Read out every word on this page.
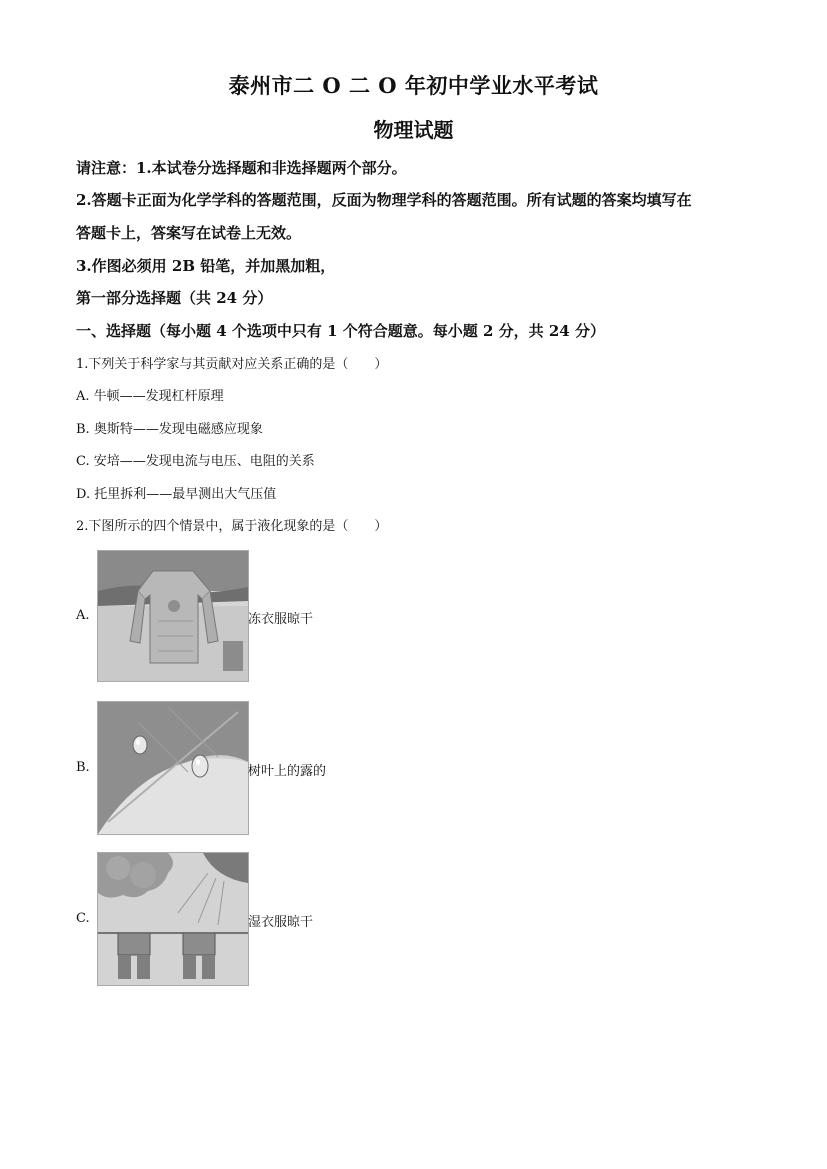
泰州市二 O 二 O 年初中学业水平考试
物理试题
请注意：1.本试卷分选择题和非选择题两个部分。
2.答题卡正面为化学学科的答题范围，反面为物理学科的答题范围。所有试题的答案均填写在
答题卡上，答案写在试卷上无效。
3.作图必须用 2B 铅笔，并加黑加粗，
第一部分选择题（共 24 分）
一、选择题（每小题 4 个选项中只有 1 个符合题意。每小题 2 分，共 24 分）
1.下列关于科学家与其贡献对应关系正确的是（　　）
A. 牛顿——发现杠杆原理
B. 奥斯特——发现电磁感应现象
C. 安培——发现电流与电压、电阻的关系
D. 托里拆利——最早测出大气压值
2.下图所示的四个情景中，属于液化现象的是（　　）
A.	冻衣服晾干
B.	树叶上的露的
C.	湿衣服晾干
